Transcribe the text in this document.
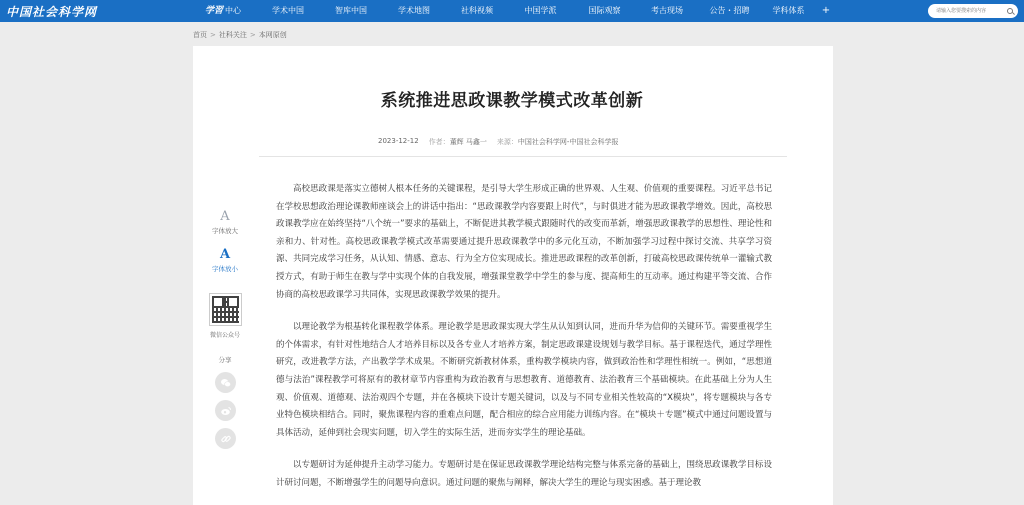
中国社会科学网	学習 中心	学术中国	智库中国	学术地图	社科视频	中国学派	国际观察	考古现场	公告・招聘	学科体系	+
请输入您要搜索的内容
首页 > 社科关注 > 本网原创
系统推进思政课教学模式改革创新
2023-12-12 作者：董辉 马鑫一 来源：中国社会科学网-中国社会科学报

高校思政课是落实立德树人根本任务的关键课程，是引导大学生形成正确的世界观、人生观、价值观的重要课程。习近平总书记在学校思想政治理论课教师座谈会上的讲话中指出：“思政课教学内容要跟上时代”，与时俱进才能为思政课教学增效。因此，高校思政课教学应在始终坚持“八个统一”要求的基础上，不断促进其教学模式跟随时代的改变而革新，增强思政课教学的思想性、理论性和亲和力、针对性。高校思政课教学模式改革需要通过提升思政课教学中的多元化互动，不断加强学习过程中探讨交流、共享学习资源、共同完成学习任务，从认知、情感、意志、行为全方位实现成长。推进思政课程的改革创新，打破高校思政课传统单一灌输式教授方式，有助于师生在教与学中实现个体的自我发展，增强课堂教学中学生的参与度、提高师生的互动率。通过构建平等交流、合作协商的高校思政课学习共同体，实现思政课教学效果的提升。

以理论教学为根基转化课程教学体系。理论教学是思政课实现大学生从认知到认同，进而升华为信仰的关键环节。需要重视学生的个体需求，有针对性地结合人才培养目标以及各专业人才培养方案，制定思政课建设规划与教学目标。基于课程迭代，通过学理性研究，改进教学方法，产出教学学术成果。不断研究新教材体系，重构教学模块内容，做到政治性和学理性相统一。例如，“思想道德与法治”课程教学可将原有的教材章节内容重构为政治教育与思想教育、道德教育、法治教育三个基础模块。在此基础上分为人生观、价值观、道德观、法治观四个专题，并在各模块下设计专题关键词，以及与不同专业相关性较高的“X模块”，将专题模块与各专业特色模块相结合。同时，聚焦课程内容的重难点问题，配合相应的综合应用能力训练内容。在“模块＋专题”模式中通过问题设置与具体活动，延伸到社会现实问题，切入学生的实际生活，进而夯实学生的理论基础。

以专题研讨为延伸提升主动学习能力。专题研讨是在保证思政课教学理论结构完整与体系完备的基础上，围绕思政课教学目标设计研讨问题，不断增强学生的问题导向意识。通过问题的聚焦与阐释，解决大学生的理论与现实困惑。基于理论教

A
字体放大
A
字体放小
微信公众号
分享
